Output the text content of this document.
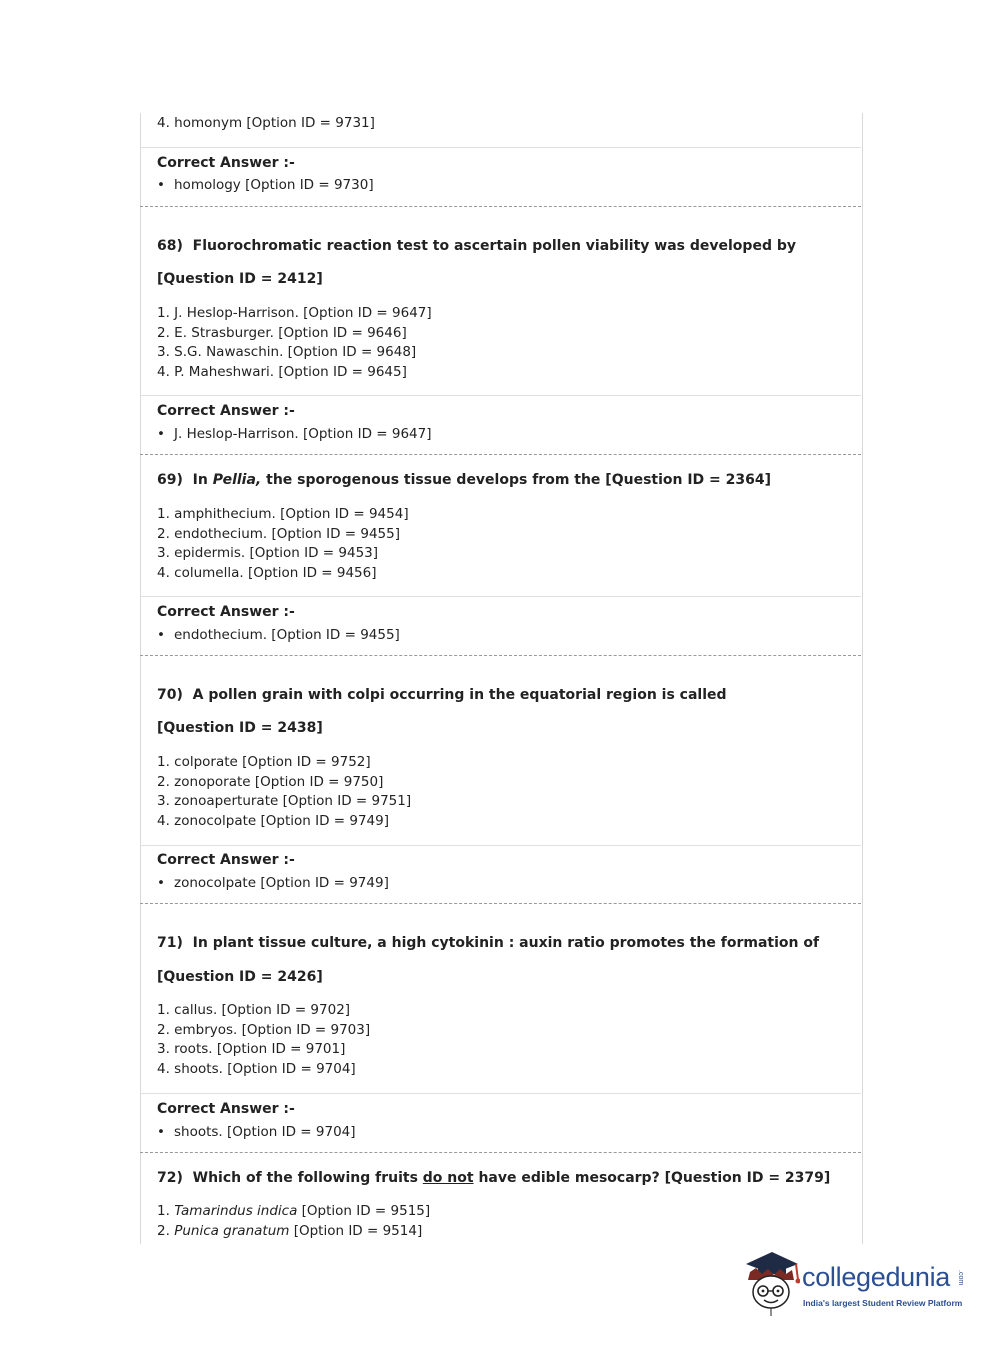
4. homonym [Option ID = 9731]
Correct Answer :-
• homology [Option ID = 9730]
68) Fluorochromatic reaction test to ascertain pollen viability was developed by
[Question ID = 2412]
1. J. Heslop-Harrison. [Option ID = 9647]
2. E. Strasburger. [Option ID = 9646]
3. S.G. Nawaschin. [Option ID = 9648]
4. P. Maheshwari. [Option ID = 9645]
Correct Answer :-
• J. Heslop-Harrison. [Option ID = 9647]
69) In Pellia, the sporogenous tissue develops from the [Question ID = 2364]
1. amphithecium. [Option ID = 9454]
2. endothecium. [Option ID = 9455]
3. epidermis. [Option ID = 9453]
4. columella. [Option ID = 9456]
Correct Answer :-
• endothecium. [Option ID = 9455]
70) A pollen grain with colpi occurring in the equatorial region is called
[Question ID = 2438]
1. colporate [Option ID = 9752]
2. zonoporate [Option ID = 9750]
3. zonoaperturate [Option ID = 9751]
4. zonocolpate [Option ID = 9749]
Correct Answer :-
• zonocolpate [Option ID = 9749]
71) In plant tissue culture, a high cytokinin : auxin ratio promotes the formation of
[Question ID = 2426]
1. callus. [Option ID = 9702]
2. embryos. [Option ID = 9703]
3. roots. [Option ID = 9701]
4. shoots. [Option ID = 9704]
Correct Answer :-
• shoots. [Option ID = 9704]
72) Which of the following fruits do not have edible mesocarp? [Question ID = 2379]
1. Tamarindus indica [Option ID = 9515]
2. Punica granatum [Option ID = 9514]
collegedunia .com
India's largest Student Review Platform
